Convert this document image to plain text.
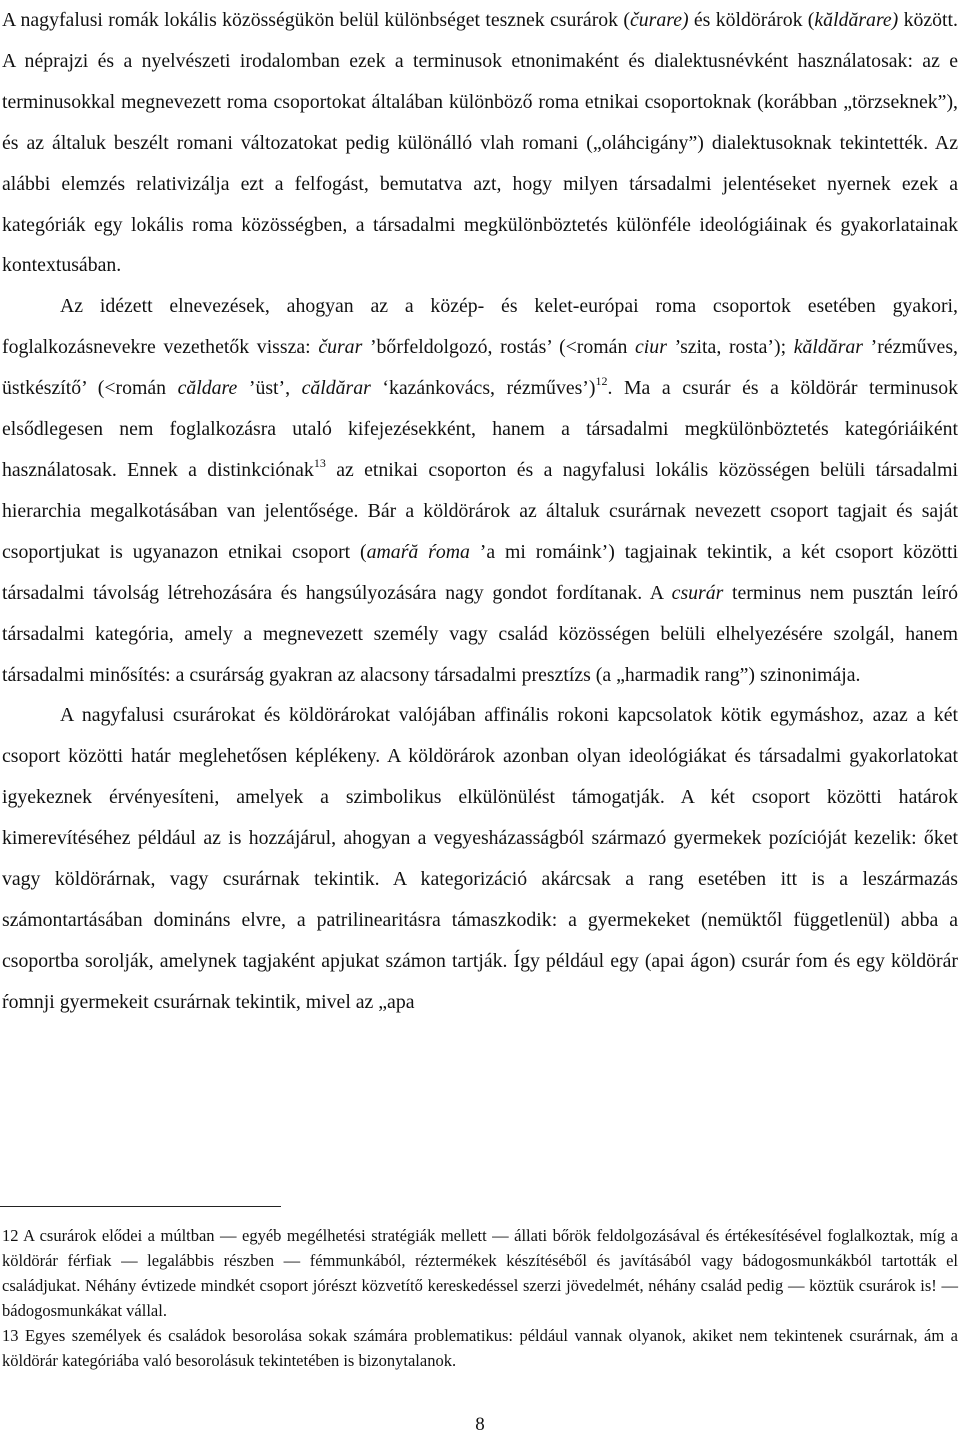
A nagyfalusi romák lokális közösségükön belül különbséget tesznek csurárok (čurare) és köldörárok (kăldărare) között. A néprajzi és a nyelvészeti irodalomban ezek a terminusok etnonimaként és dialektusnévként használatosak: az e terminusokkal megnevezett roma csoportokat általában különböző roma etnikai csoportoknak (korábban „törzseknek”), és az általuk beszélt romani változatokat pedig különálló vlah romani („oláhcigány”) dialektusoknak tekintették. Az alábbi elemzés relativizálja ezt a felfogást, bemutatva azt, hogy milyen társadalmi jelentéseket nyernek ezek a kategóriák egy lokális roma közösségben, a társadalmi megkülönböztetés különféle ideológiáinak és gyakorlatainak kontextusában.

Az idézett elnevezések, ahogyan az a közép- és kelet-európai roma csoportok esetében gyakori, foglalkozásnevekre vezethetők vissza: čurar ’bőrfeldolgozó, rostás’ (<román ciur ’szita, rosta’); kăldărar ’rézműves, üstkészítő’ (<román căldare ’üst’, căldărar ‘kazánkovács, rézműves’)$^{12}$. Ma a csurár és a köldörár terminusok elsődlegesen nem foglalkozásra utaló kifejezésekként, hanem a társadalmi megkülönböztetés kategóriáiként használatosak. Ennek a distinkciónak$^{13}$ az etnikai csoporton és a nagyfalusi lokális közösségen belüli társadalmi hierarchia megalkotásában van jelentősége. Bár a köldörárok az általuk csurárnak nevezett csoport tagjait és saját csoportjukat is ugyanazon etnikai csoport (amaŕă ŕoma ’a mi romáink’) tagjainak tekintik, a két csoport közötti társadalmi távolság létrehozására és hangsúlyozására nagy gondot fordítanak. A csurár terminus nem pusztán leíró társadalmi kategória, amely a megnevezett személy vagy család közösségen belüli elhelyezésére szolgál, hanem társadalmi minősítés: a csurárság gyakran az alacsony társadalmi presztízs (a „harmadik rang”) szinonimája.

A nagyfalusi csurárokat és köldörárokat valójában affinális rokoni kapcsolatok kötik egymáshoz, azaz a két csoport közötti határ meglehetősen képlékeny. A köldörárok azonban olyan ideológiákat és társadalmi gyakorlatokat igyekeznek érvényesíteni, amelyek a szimbolikus elkülönülést támogatják. A két csoport közötti határok kimerevítéséhez például az is hozzájárul, ahogyan a vegyesházasságból származó gyermekek pozícióját kezelik: őket vagy köldörárnak, vagy csurárnak tekintik. A kategorizáció akárcsak a rang esetében itt is a leszármazás számontartásában domináns elvre, a patrilinearitásra támaszkodik: a gyermekeket (nemüktől függetlenül) abba a csoportba sorolják, amelynek tagjaként apjukat számon tartják. Így például egy (apai ágon) csurár ŕom és egy köldörár ŕomnji gyermekeit csurárnak tekintik, mivel az „apa

12 A csurárok elődei a múltban — egyéb megélhetési stratégiák mellett — állati bőrök feldolgozásával és értékesítésével foglalkoztak, míg a köldörár férfiak — legalábbis részben — fémmunkából, réztermékek készítéséből és javításából vagy bádogosmunkákból tartották el családjukat. Néhány évtizede mindkét csoport jórészt közvetítő kereskedéssel szerzi jövedelmét, néhány család pedig — köztük csurárok is! — bádogosmunkákat vállal.

13 Egyes személyek és családok besorolása sokak számára problematikus: például vannak olyanok, akiket nem tekintenek csurárnak, ám a köldörár kategóriába való besorolásuk tekintetében is bizonytalanok.

8
